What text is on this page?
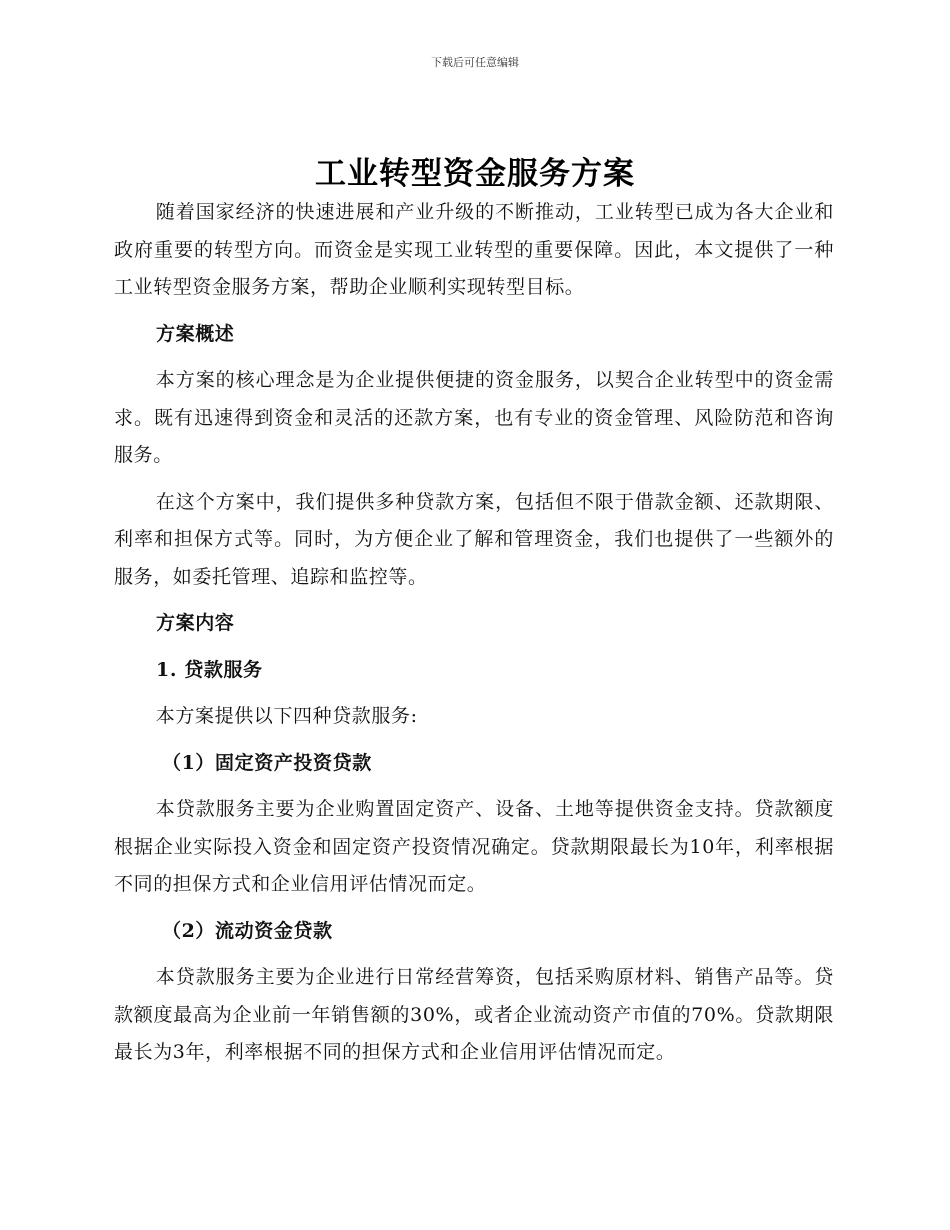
下载后可任意编辑
工业转型资金服务方案

随着国家经济的快速进展和产业升级的不断推动，工业转型已成为各大企业和政府重要的转型方向。而资金是实现工业转型的重要保障。因此，本文提供了一种工业转型资金服务方案，帮助企业顺利实现转型目标。

方案概述

本方案的核心理念是为企业提供便捷的资金服务，以契合企业转型中的资金需求。既有迅速得到资金和灵活的还款方案，也有专业的资金管理、风险防范和咨询服务。

在这个方案中，我们提供多种贷款方案，包括但不限于借款金额、还款期限、利率和担保方式等。同时，为方便企业了解和管理资金，我们也提供了一些额外的服务，如委托管理、追踪和监控等。

方案内容
1. 贷款服务

本方案提供以下四种贷款服务:

（1）固定资产投资贷款

本贷款服务主要为企业购置固定资产、设备、土地等提供资金支持。贷款额度根据企业实际投入资金和固定资产投资情况确定。贷款期限最长为10年，利率根据不同的担保方式和企业信用评估情况而定。

（2）流动资金贷款

本贷款服务主要为企业进行日常经营筹资，包括采购原材料、销售产品等。贷款额度最高为企业前一年销售额的30%，或者企业流动资产市值的70%。贷款期限最长为3年，利率根据不同的担保方式和企业信用评估情况而定。
